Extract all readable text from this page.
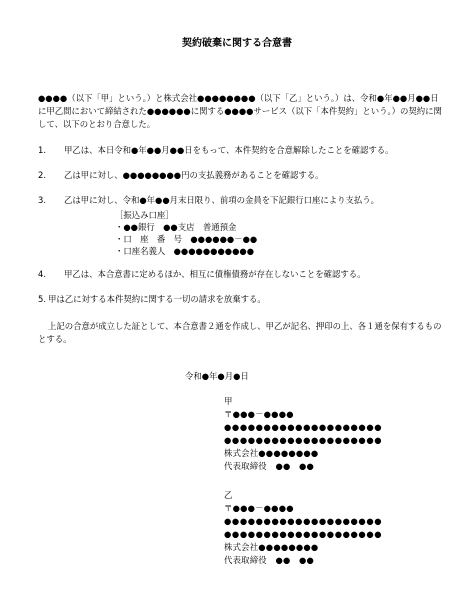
契約破棄に関する合意書
●●●●（以下「甲」という。）と株式会社●●●●●●●●（以下「乙」という。）は、令和●年●●月●●日に甲乙間において締結された●●●●●●に関する●●●●サービス（以下「本件契約」という。）の契約に関して、以下のとおり合意した。
1. 甲乙は、本日令和●年●●月●●日をもって、本件契約を合意解除したことを確認する。
2. 乙は甲に対し、●●●●●●●●円の支払義務があることを確認する。
3. 乙は甲に対し、令和●年●●月末日限り、前項の金員を下記銀行口座により支払う。
［振込み口座］
・●●銀行　●●支店　普通預金
・口　座　番　号　●●●●●●－●●
・口座名義人　●●●●●●●●●●●
4. 甲乙は、本合意書に定めるほか、相互に債権債務が存在しないことを確認する。
5. 甲は乙に対する本件契約に関する一切の請求を放棄する。
上記の合意が成立した証として、本合意書２通を作成し、甲乙が記名、押印の上、各１通を保有するものとする。
令和●年●月●日
甲
〒●●●－●●●●
●●●●●●●●●●●●●●●●●●●●
●●●●●●●●●●●●●●●●●●●●
株式会社●●●●●●●●
代表取締役　●●　●●
乙
〒●●●－●●●●
●●●●●●●●●●●●●●●●●●●●
●●●●●●●●●●●●●●●●●●●●
株式会社●●●●●●●●
代表取締役　●●　●●
